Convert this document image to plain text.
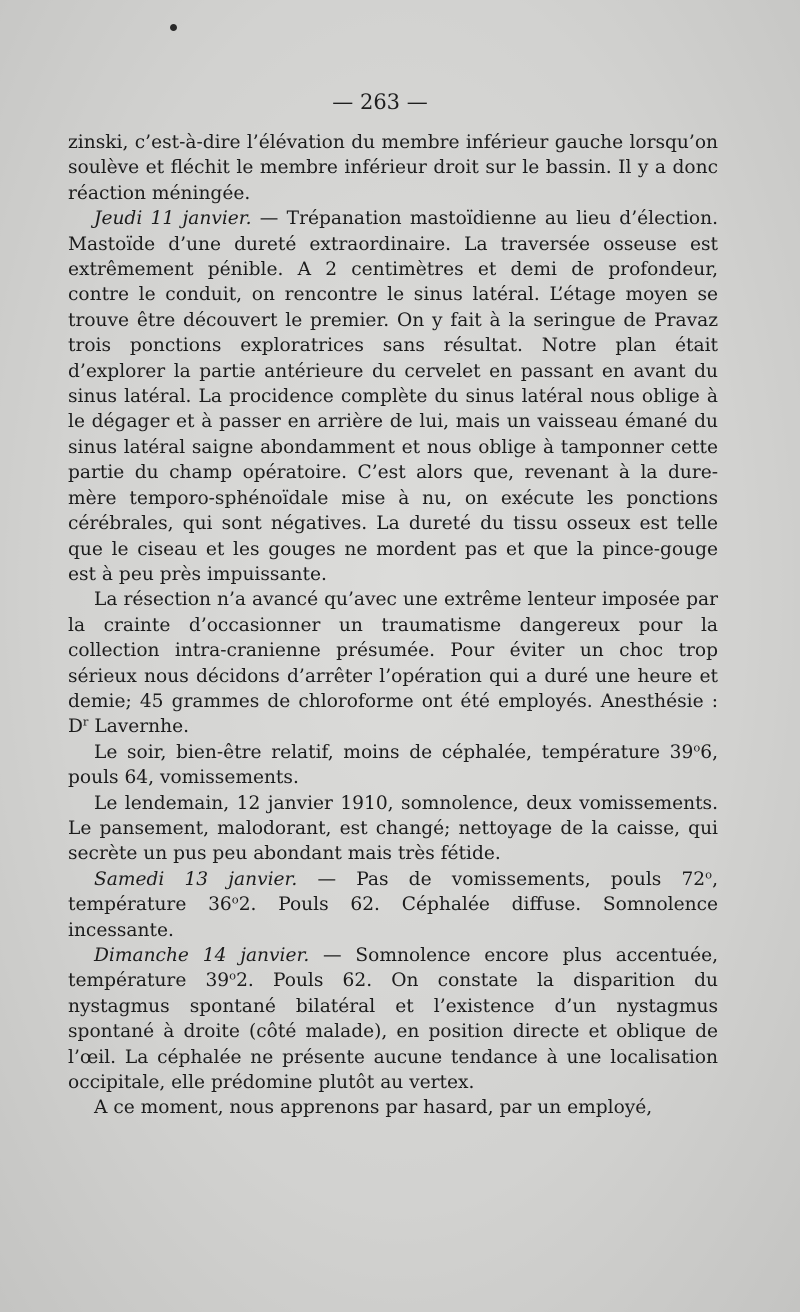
— 263 —

zinski, c’est-à-dire l’élévation du membre inférieur gauche lorsqu’on soulève et fléchit le membre inférieur droit sur le bassin. Il y a donc réaction méningée.

Jeudi 11 janvier. — Trépanation mastoïdienne au lieu d’élection. Mastoïde d’une dureté extraordinaire. La traversée osseuse est extrêmement pénible. A 2 centimètres et demi de profondeur, contre le conduit, on rencontre le sinus latéral. L’étage moyen se trouve être découvert le premier. On y fait à la seringue de Pravaz trois ponctions exploratrices sans résultat. Notre plan était d’explorer la partie antérieure du cervelet en passant en avant du sinus latéral. La procidence complète du sinus latéral nous oblige à le dégager et à passer en arrière de lui, mais un vaisseau émané du sinus latéral saigne abondamment et nous oblige à tamponner cette partie du champ opératoire. C’est alors que, revenant à la dure-mère temporo-sphénoïdale mise à nu, on exécute les ponctions cérébrales, qui sont négatives. La dureté du tissu osseux est telle que le ciseau et les gouges ne mordent pas et que la pince-gouge est à peu près impuissante.

La résection n’a avancé qu’avec une extrême lenteur imposée par la crainte d’occasionner un traumatisme dangereux pour la collection intra-cranienne présumée. Pour éviter un choc trop sérieux nous décidons d’arrêter l’opération qui a duré une heure et demie; 45 grammes de chloroforme ont été employés. Anesthésie : $D^r$ Lavernhe.

Le soir, bien-être relatif, moins de céphalée, température 39$^o$6, pouls 64, vomissements.

Le lendemain, 12 janvier 1910, somnolence, deux vomissements. Le pansement, malodorant, est changé; nettoyage de la caisse, qui secrète un pus peu abondant mais très fétide.

Samedi 13 janvier. — Pas de vomissements, pouls 72$^o$, température 36$^o$2. Pouls 62. Céphalée diffuse. Somnolence incessante.

Dimanche 14 janvier. — Somnolence encore plus accentuée, température 39$^o$2. Pouls 62. On constate la disparition du nystagmus spontané bilatéral et l’existence d’un nystagmus spontané à droite (côté malade), en position directe et oblique de l’œil. La céphalée ne présente aucune tendance à une localisation occipitale, elle prédomine plutôt au vertex.

A ce moment, nous apprenons par hasard, par un employé,
